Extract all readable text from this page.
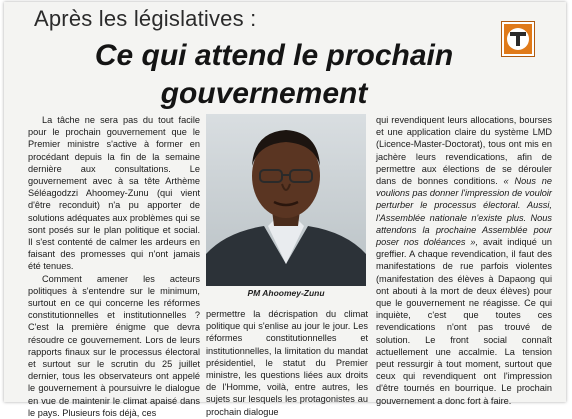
Après les législatives :
Ce qui attend le prochain
gouvernement

La tâche ne sera pas du tout facile pour le prochain gouvernement que le Premier ministre s'active à former en procédant depuis la fin de la semaine dernière aux consultations. Le gouvernement avec à sa tête Arthème Séléagodzzi Ahoomey-Zunu (qui vient d'être reconduit) n'a pu apporter de solutions adéquates aux problèmes qui se sont posés sur le plan politique et social. Il s'est contenté de calmer les ardeurs en faisant des promesses qui n'ont jamais été tenues.

Comment amener les acteurs politiques à s'entendre sur le minimum, surtout en ce qui concerne les réformes constitutionnelles et institutionnelles ? C'est la première énigme que devra résoudre ce gouvernement. Lors de leurs rapports finaux sur le processus électoral et surtout sur le scrutin du 25 juillet dernier, tous les observateurs ont appelé le gouvernement à poursuivre le dialogue en vue de maintenir le climat apaisé dans le pays. Plusieurs fois déjà, ces

PM Ahoomey-Zunu

permettre la décrispation du climat politique qui s'enlise au jour le jour. Les réformes constitutionnelles et institutionnelles, la limitation du mandat présidentiel, le statut du Premier ministre, les questions liées aux droits de l'Homme, voilà, entre autres, les sujets sur lesquels les protagonistes au prochain dialogue

qui revendiquent leurs allocations, bourses et une application claire du système LMD (Licence-Master-Doctorat), tous ont mis en jachère leurs revendications, afin de permettre aux élections de se dérouler dans de bonnes conditions. « Nous ne voulions pas donner l'impression de vouloir perturber le processus électoral. Aussi, l'Assemblée nationale n'existe plus. Nous attendons la prochaine Assemblée pour poser nos doléances », avait indiqué un greffier. A chaque revendication, il faut des manifestations de rue parfois violentes (manifestation des élèves à Dapaong qui ont abouti à la mort de deux élèves) pour que le gouvernement ne réagisse. Ce qui inquiète, c'est que toutes ces revendications n'ont pas trouvé de solution. Le front social connaît actuellement une accalmie. La tension peut ressurgir à tout moment, surtout que ceux qui revendiquent ont l'impression d'être tournés en bourrique. Le prochain gouvernement a donc fort à faire.
